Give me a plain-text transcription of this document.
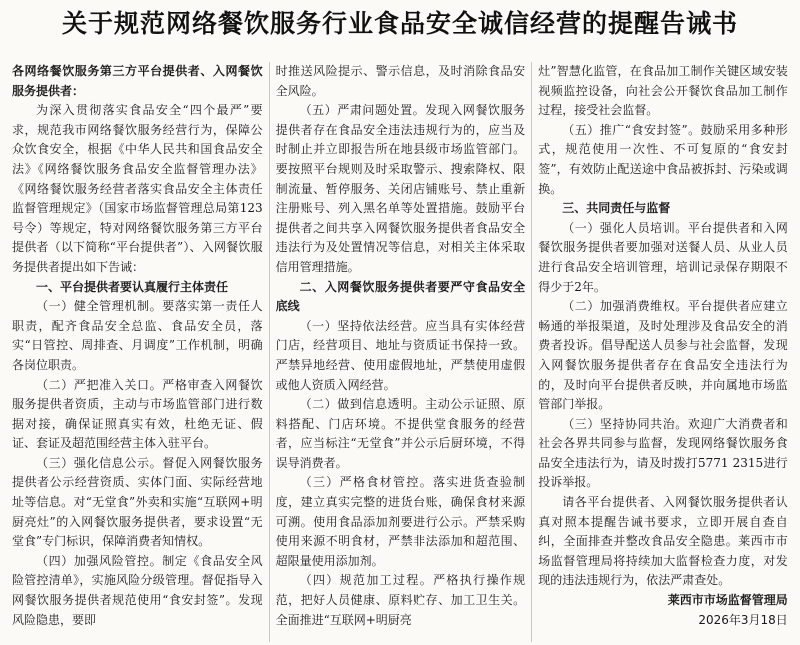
关于规范网络餐饮服务行业食品安全诚信经营的提醒告诫书

各网络餐饮服务第三方平台提供者、入网餐饮服务提供者：

为深入贯彻落实食品安全“四个最严”要求，规范我市网络餐饮服务经营行为，保障公众饮食安全，根据《中华人民共和国食品安全法》《网络餐饮服务食品安全监督管理办法》《网络餐饮服务经营者落实食品安全主体责任监督管理规定》（国家市场监督管理总局第123号令）等规定，特对网络餐饮服务第三方平台提供者（以下简称“平台提供者”）、入网餐饮服务提供者提出如下告诫：

一、平台提供者要认真履行主体责任

（一）健全管理机制。要落实第一责任人职责，配齐食品安全总监、食品安全员，落实“日管控、周排查、月调度”工作机制，明确各岗位职责。

（二）严把准入关口。严格审查入网餐饮服务提供者资质，主动与市场监管部门进行数据对接，确保证照真实有效，杜绝无证、假证、套证及超范围经营主体入驻平台。

（三）强化信息公示。督促入网餐饮服务提供者公示经营资质、实体门面、实际经营地址等信息。对“无堂食”外卖和实施“互联网+明厨亮灶”的入网餐饮服务提供者，要求设置“无堂食”专门标识，保障消费者知情权。

（四）加强风险管控。制定《食品安全风险管控清单》，实施风险分级管理。督促指导入网餐饮服务提供者规范使用“食安封签”。发现风险隐患，要即

时推送风险提示、警示信息，及时消除食品安全风险。

（五）严肃问题处置。发现入网餐饮服务提供者存在食品安全违法违规行为的，应当及时制止并立即报告所在地县级市场监管部门。要按照平台规则及时采取警示、搜索降权、限制流量、暂停服务、关闭店铺账号、禁止重新注册账号、列入黑名单等处置措施。鼓励平台提供者之间共享入网餐饮服务提供者食品安全违法行为及处置情况等信息，对相关主体采取信用管理措施。

二、入网餐饮服务提供者要严守食品安全底线

（一）坚持依法经营。应当具有实体经营门店，经营项目、地址与资质证书保持一致。严禁异地经营、使用虚假地址，严禁使用虚假或他人资质入网经营。

（二）做到信息透明。主动公示证照、原料搭配、门店环境。不提供堂食服务的经营者，应当标注“无堂食”并公示后厨环境，不得误导消费者。

（三）严格食材管控。落实进货查验制度，建立真实完整的进货台账，确保食材来源可溯。使用食品添加剂要进行公示。严禁采购使用来源不明食材，严禁非法添加和超范围、超限量使用添加剂。

（四）规范加工过程。严格执行操作规范，把好人员健康、原料贮存、加工卫生关。全面推进“互联网+明厨亮

灶”智慧化监管，在食品加工制作关键区域安装视频监控设备，向社会公开餐饮食品加工制作过程，接受社会监督。

（五）推广“食安封签”。鼓励采用多种形式，规范使用一次性、不可复原的“食安封签”，有效防止配送途中食品被拆封、污染或调换。

三、共同责任与监督

（一）强化人员培训。平台提供者和入网餐饮服务提供者要加强对送餐人员、从业人员进行食品安全培训管理，培训记录保存期限不得少于2年。

（二）加强消费维权。平台提供者应建立畅通的举报渠道，及时处理涉及食品安全的消费者投诉。倡导配送人员参与社会监督，发现入网餐饮服务提供者存在食品安全违法行为的，及时向平台提供者反映，并向属地市场监管部门举报。

（三）坚持协同共治。欢迎广大消费者和社会各界共同参与监督，发现网络餐饮服务食品安全违法行为，请及时拨打5771 2315进行投诉举报。

请各平台提供者、入网餐饮服务提供者认真对照本提醒告诫书要求，立即开展自查自纠，全面排查并整改食品安全隐患。莱西市市场监督管理局将持续加大监督检查力度，对发现的违法违规行为，依法严肃查处。

莱西市市场监督管理局

2026年3月18日
